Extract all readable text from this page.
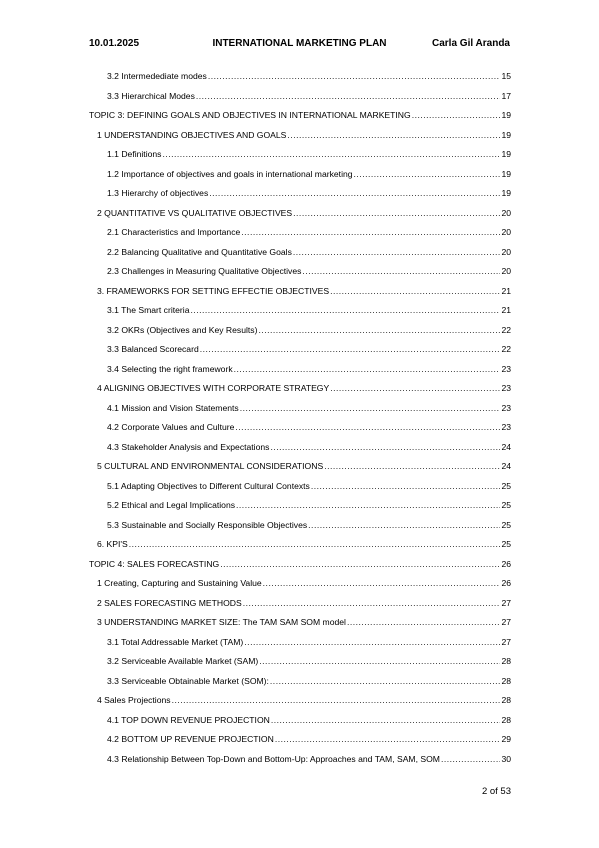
10.01.2025	INTERNATIONAL MARKETING PLAN	Carla Gil Aranda
3.2 Intermedediate modes .....	15
3.3 Hierarchical Modes .....	17
TOPIC 3: DEFINING GOALS AND OBJECTIVES IN INTERNATIONAL MARKETING .....	19
1 UNDERSTANDING OBJECTIVES AND GOALS .....	19
1.1 Definitions .....	19
1.2 Importance of objectives and goals in international marketing .....	19
1.3 Hierarchy of objectives .....	19
2 QUANTITATIVE VS QUALITATIVE OBJECTIVES .....	20
2.1 Characteristics and Importance .....	20
2.2 Balancing Qualitative and Quantitative Goals .....	20
2.3 Challenges in Measuring Qualitative Objectives .....	20
3. FRAMEWORKS FOR SETTING EFFECTIE OBJECTIVES .....	21
3.1 The Smart criteria .....	21
3.2 OKRs (Objectives and Key Results) .....	22
3.3 Balanced Scorecard .....	22
3.4 Selecting the right framework .....	23
4 ALIGNING OBJECTIVES WITH CORPORATE STRATEGY .....	23
4.1 Mission and Vision Statements .....	23
4.2 Corporate Values and Culture .....	23
4.3 Stakeholder Analysis and Expectations .....	24
5 CULTURAL AND ENVIRONMENTAL CONSIDERATIONS .....	24
5.1 Adapting Objectives to Different Cultural Contexts .....	25
5.2 Ethical and Legal Implications .....	25
5.3 Sustainable and Socially Responsible Objectives .....	25
6. KPI'S .....	25
TOPIC 4: SALES FORECASTING .....	26
1 Creating, Capturing and Sustaining Value .....	26
2 SALES FORECASTING METHODS .....	27
3 UNDERSTANDING MARKET SIZE: The TAM SAM SOM model .....	27
3.1 Total Addressable Market (TAM) .....	27
3.2 Serviceable Available Market (SAM) .....	28
3.3 Serviceable Obtainable Market (SOM): .....	28
4 Sales Projections .....	28
4.1 TOP DOWN REVENUE PROJECTION .....	28
4.2 BOTTOM UP REVENUE PROJECTION .....	29
4.3 Relationship Between Top-Down and Bottom-Up: Approaches and TAM, SAM, SOM .....	30
2 of 53
